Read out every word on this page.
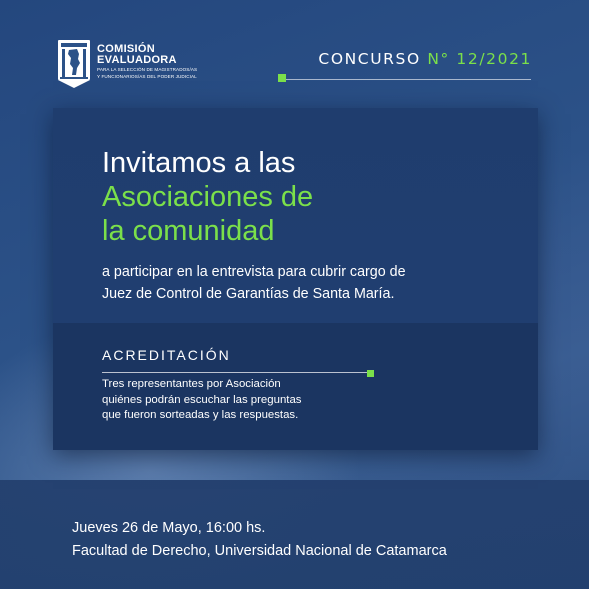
COMISIÓN
EVALUADORA
PARA LA SELECCIÓN DE MAGISTRADOS/AS
Y FUNCIONARIOS/AS DEL PODER JUDICIAL
CONCURSO N° 12/2021
Invitamos a las
Asociaciones de
la comunidad
a participar en la entrevista para cubrir cargo de
Juez de Control de Garantías de Santa María.
ACREDITACIÓN
Tres representantes por Asociación
quiénes podrán escuchar las preguntas
que fueron sorteadas y las respuestas.
Jueves 26 de Mayo, 16:00 hs.
Facultad de Derecho, Universidad Nacional de Catamarca
